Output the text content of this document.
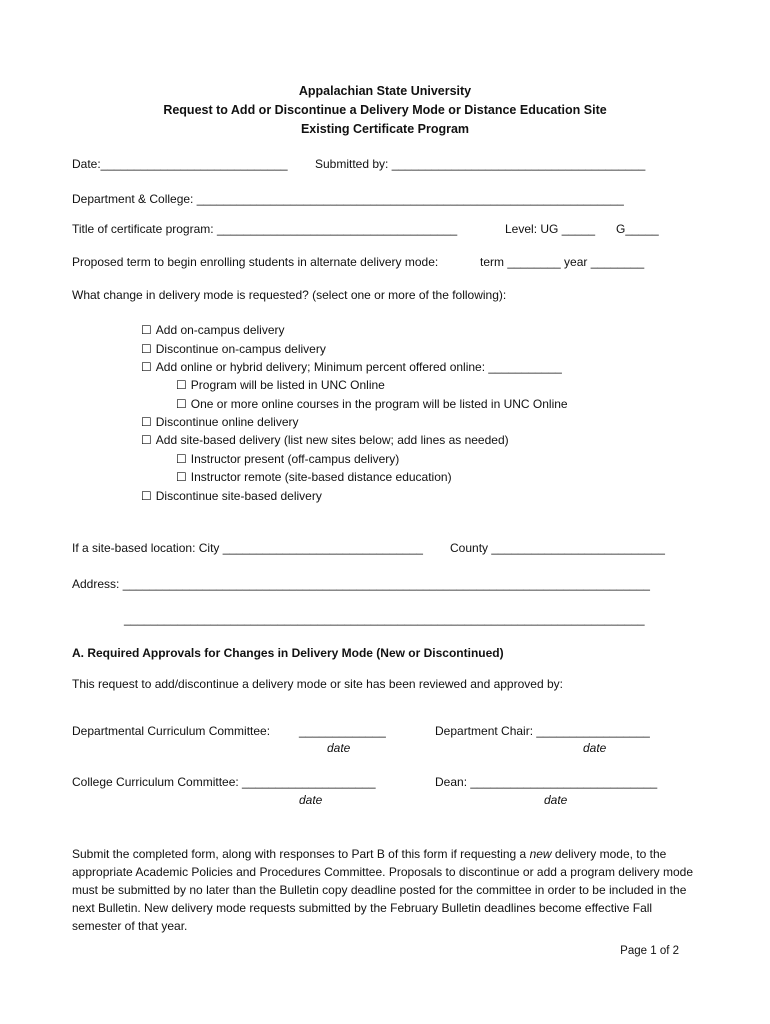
Appalachian State University
Request to Add or Discontinue a Delivery Mode or Distance Education Site
Existing Certificate Program
Date:____________________________ Submitted by: ______________________________________
Department & College: ________________________________________________________________
Title of certificate program: ____________________________________	Level: UG _____ G_____
Proposed term to begin enrolling students in alternate delivery mode:	term ________ year ________
What change in delivery mode is requested? (select one or more of the following):
☐ Add on-campus delivery
☐ Discontinue on-campus delivery
☐ Add online or hybrid delivery; Minimum percent offered online: ___________
☐ Program will be listed in UNC Online
☐ One or more online courses in the program will be listed in UNC Online
☐ Discontinue online delivery
☐ Add site-based delivery (list new sites below; add lines as needed)
☐ Instructor present (off-campus delivery)
☐ Instructor remote (site-based distance education)
☐ Discontinue site-based delivery
If a site-based location: City ______________________________ County __________________________
Address: _______________________________________________________________________________
______________________________________________________________________________
A. Required Approvals for Changes in Delivery Mode (New or Discontinued)
This request to add/discontinue a delivery mode or site has been reviewed and approved by:
Departmental Curriculum Committee: _____________
date
Department Chair: _________________
date
College Curriculum Committee: ____________________
date
Dean: ____________________________
date
Submit the completed form, along with responses to Part B of this form if requesting a new delivery mode, to the appropriate Academic Policies and Procedures Committee. Proposals to discontinue or add a program delivery mode must be submitted by no later than the Bulletin copy deadline posted for the committee in order to be included in the next Bulletin. New delivery mode requests submitted by the February Bulletin deadlines become effective Fall semester of that year.
Page 1 of 2
